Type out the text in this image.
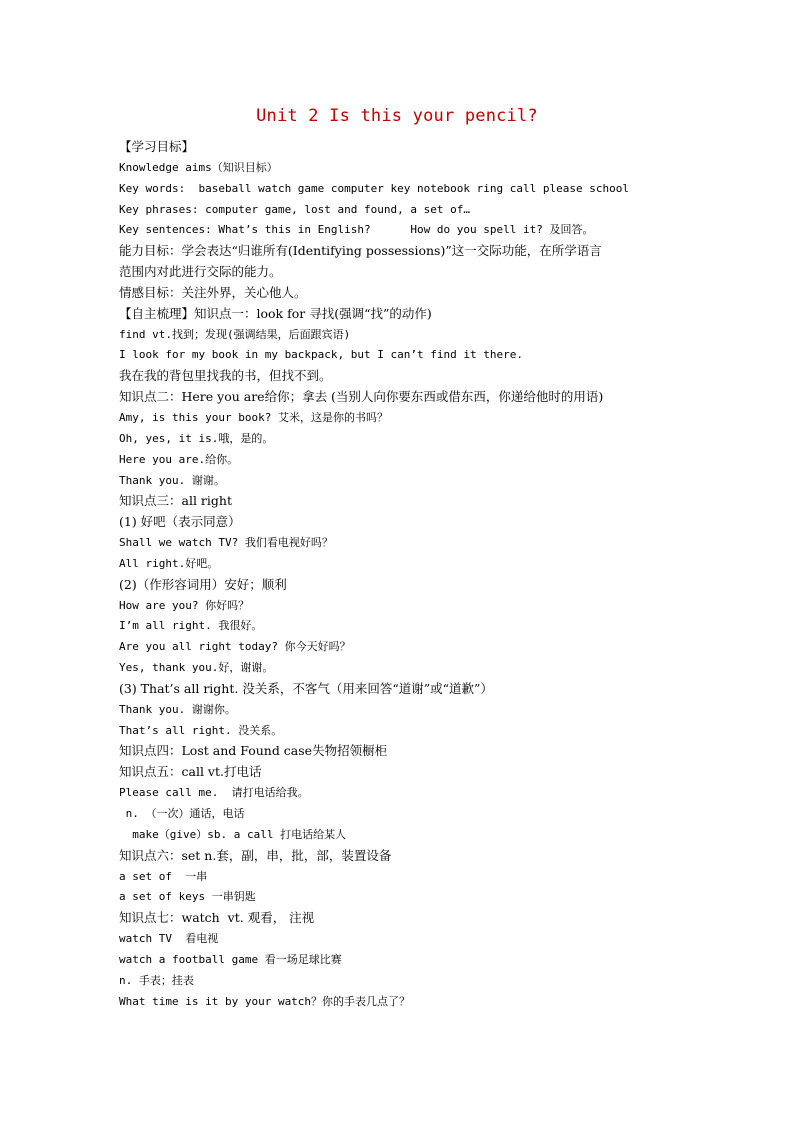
Unit 2 Is this your pencil?
【学习目标】
Knowledge aims（知识目标）
Key words:  baseball watch game computer key notebook ring call please school
Key phrases: computer game, lost and found, a set of…
Key sentences: What’s this in English?      How do you spell it? 及回答。
能力目标：学会表达“归谁所有(Identifying possessions)”这一交际功能，在所学语言
范围内对此进行交际的能力。
情感目标：关注外界，关心他人。
【自主梳理】知识点一：look for 寻找(强调“找”的动作)
find vt.找到；发现(强调结果，后面跟宾语)
I look for my book in my backpack, but I can’t find it there.
我在我的背包里找我的书，但找不到。
知识点二：Here you are给你；拿去 (当别人向你要东西或借东西，你递给他时的用语)
Amy, is this your book? 艾米，这是你的书吗？
Oh, yes, it is.哦，是的。
Here you are.给你。
Thank you. 谢谢。
知识点三：all right
(1) 好吧（表示同意）
Shall we watch TV? 我们看电视好吗？
All right.好吧。
(2)（作形容词用）安好；顺利
How are you? 你好吗？
I’m all right. 我很好。
Are you all right today? 你今天好吗？
Yes, thank you.好，谢谢。
(3) That’s all right. 没关系，不客气（用来回答“道谢”或“道歉”）
Thank you. 谢谢你。
That’s all right. 没关系。
知识点四：Lost and Found case失物招领橱柜
知识点五：call vt.打电话
Please call me.  请打电话给我。
n. （一次）通话，电话
make（give）sb. a call 打电话给某人
知识点六：set n.套，副，串，批，部，装置设备
a set of  一串
a set of keys 一串钥匙
知识点七：watch  vt. 观看， 注视
watch TV  看电视
watch a football game 看一场足球比赛
n. 手表；挂表
What time is it by your watch？你的手表几点了？
